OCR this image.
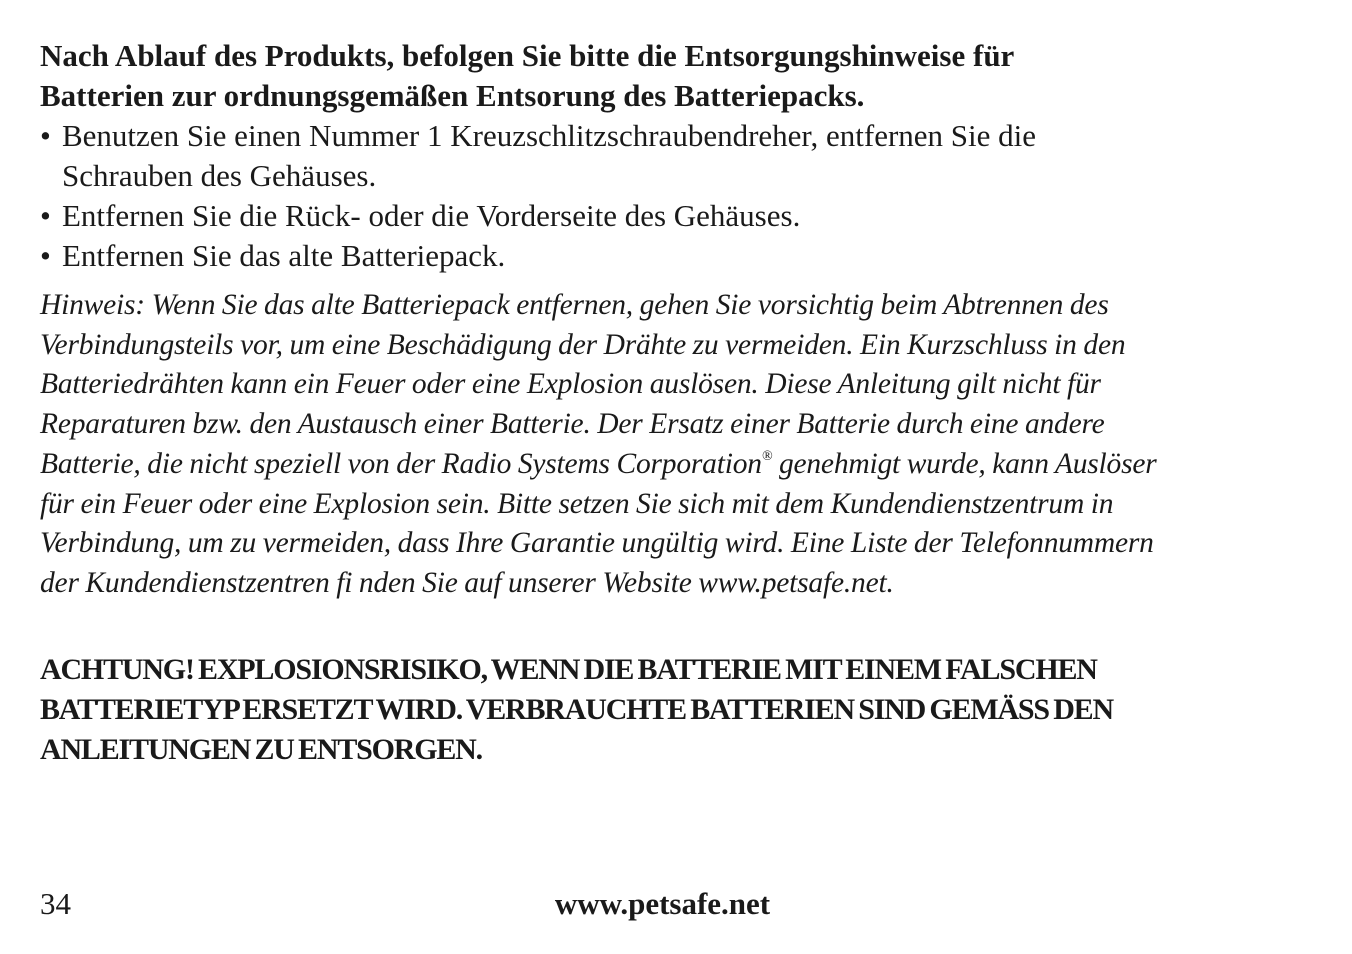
Nach Ablauf des Produkts, befolgen Sie bitte die Entsorgungshinweise für
Batterien zur ordnungsgemäßen Entsorung des Batteriepacks.

• Benutzen Sie einen Nummer 1 Kreuzschlitzschraubendreher, entfernen Sie die
Schrauben des Gehäuses.
• Entfernen Sie die Rück- oder die Vorderseite des Gehäuses.
• Entfernen Sie das alte Batteriepack.

Hinweis: Wenn Sie das alte Batteriepack entfernen, gehen Sie vorsichtig beim Abtrennen des
Verbindungsteils vor, um eine Beschädigung der Drähte zu vermeiden. Ein Kurzschluss in den
Batteriedrähten kann ein Feuer oder eine Explosion auslösen. Diese Anleitung gilt nicht für
Reparaturen bzw. den Austausch einer Batterie. Der Ersatz einer Batterie durch eine andere
Batterie, die nicht speziell von der Radio Systems Corporation® genehmigt wurde, kann Auslöser
für ein Feuer oder eine Explosion sein. Bitte setzen Sie sich mit dem Kundendienstzentrum in
Verbindung, um zu vermeiden, dass Ihre Garantie ungültig wird. Eine Liste der Telefonnummern
der Kundendienstzentren fi nden Sie auf unserer Website www.petsafe.net.

ACHTUNG! EXPLOSIONSRISIKO, WENN DIE BATTERIE MIT EINEM FALSCHEN
BATTERIETYP ERSETZT WIRD. VERBRAUCHTE BATTERIEN SIND GEMÄSS DEN
ANLEITUNGEN ZU ENTSORGEN.

34	www.petsafe.net
